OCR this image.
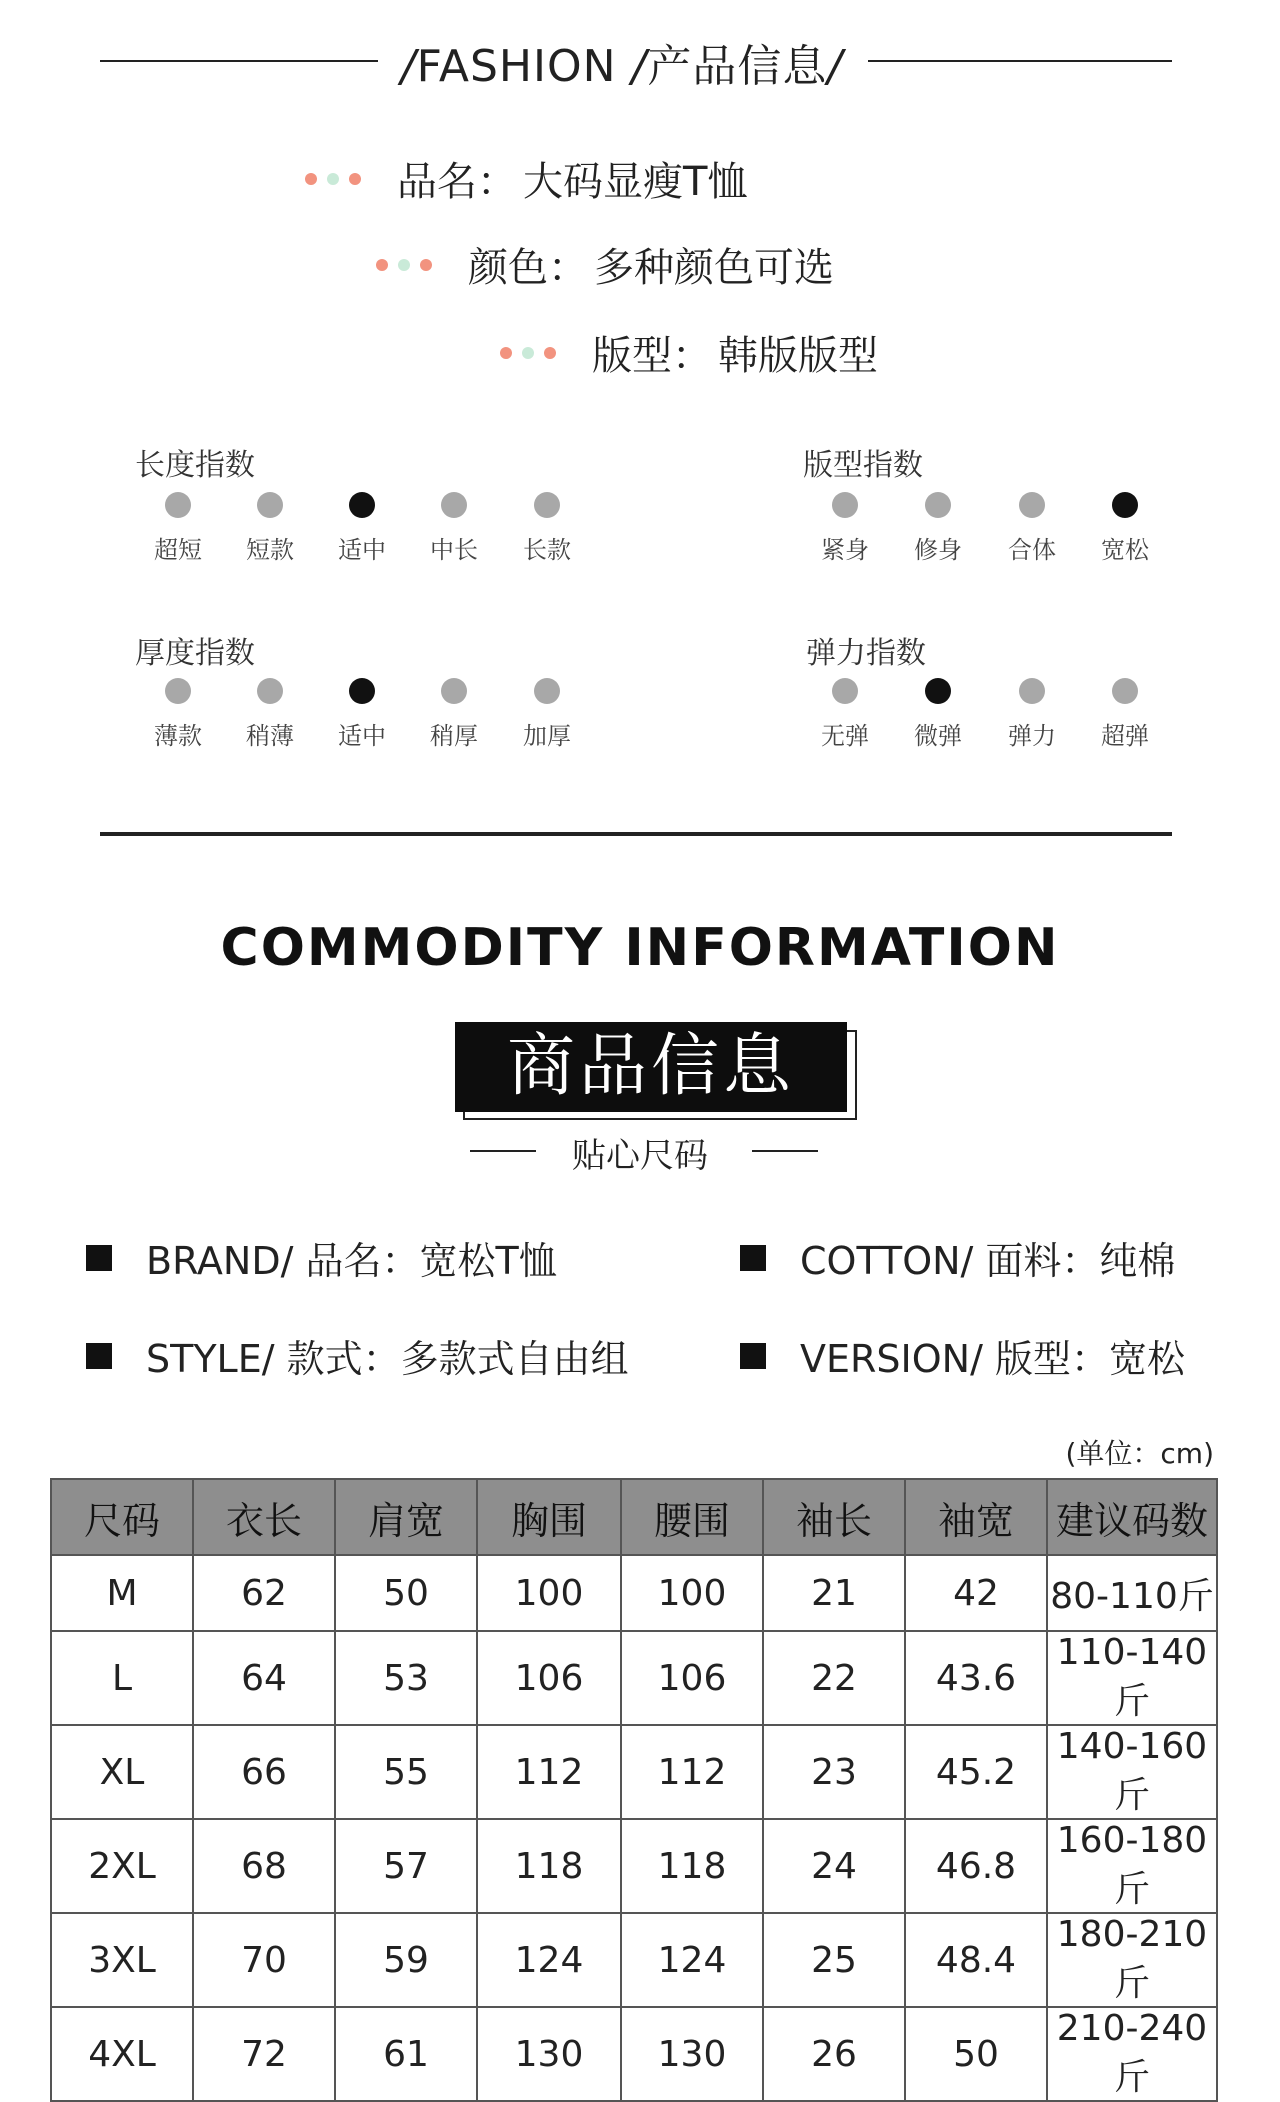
/FASHION /产品信息/
品名： 大码显瘦T恤
颜色： 多种颜色可选
版型： 韩版版型
长度指数
超短	短款	适中	中长	长款
版型指数
紧身	修身	合体	宽松
厚度指数
薄款	稍薄	适中	稍厚	加厚
弹力指数
无弹	微弹	弹力	超弹
COMMODITY INFORMATION
商品信息
贴心尺码
BRAND/ 品名：宽松T恤	COTTON/ 面料：纯棉
STYLE/ 款式：多款式自由组	VERSION/ 版型：宽松
(单位：cm)
尺码	衣长	肩宽	胸围	腰围	袖长	袖宽	建议码数
M	62	50	100	100	21	42	80-110斤
L	64	53	106	106	22	43.6	110-140斤
XL	66	55	112	112	23	45.2	140-160斤
2XL	68	57	118	118	24	46.8	160-180斤
3XL	70	59	124	124	25	48.4	180-210斤
4XL	72	61	130	130	26	50	210-240斤
